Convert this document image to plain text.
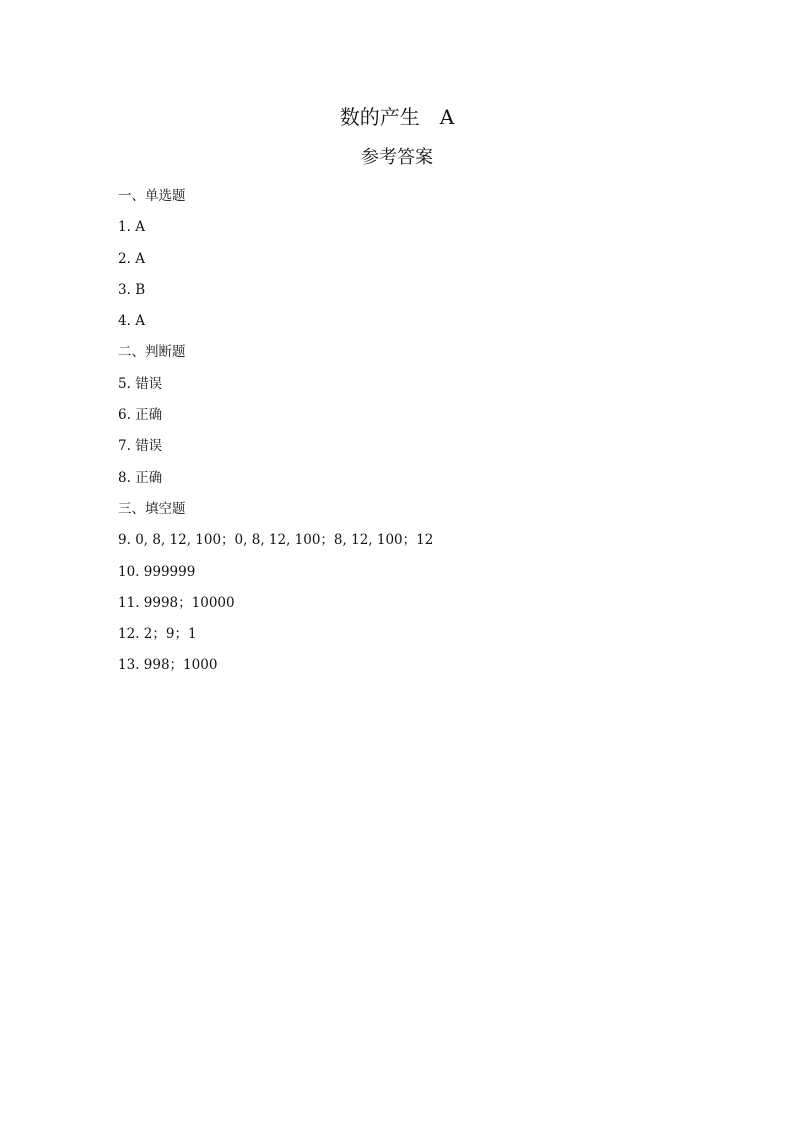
数的产生　A
参考答案
一、单选题
1 . A
2 . A
3 . B
4 . A
二、判断题
5 . 错误
6 . 正确
7 . 错误
8 . 正确
三、填空题
9 . 0, 8, 12, 100；0, 8, 12, 100；8, 12, 100；12
10 . 999999
11 . 9998；10000
12 . 2；9；1
13 . 998；1000
